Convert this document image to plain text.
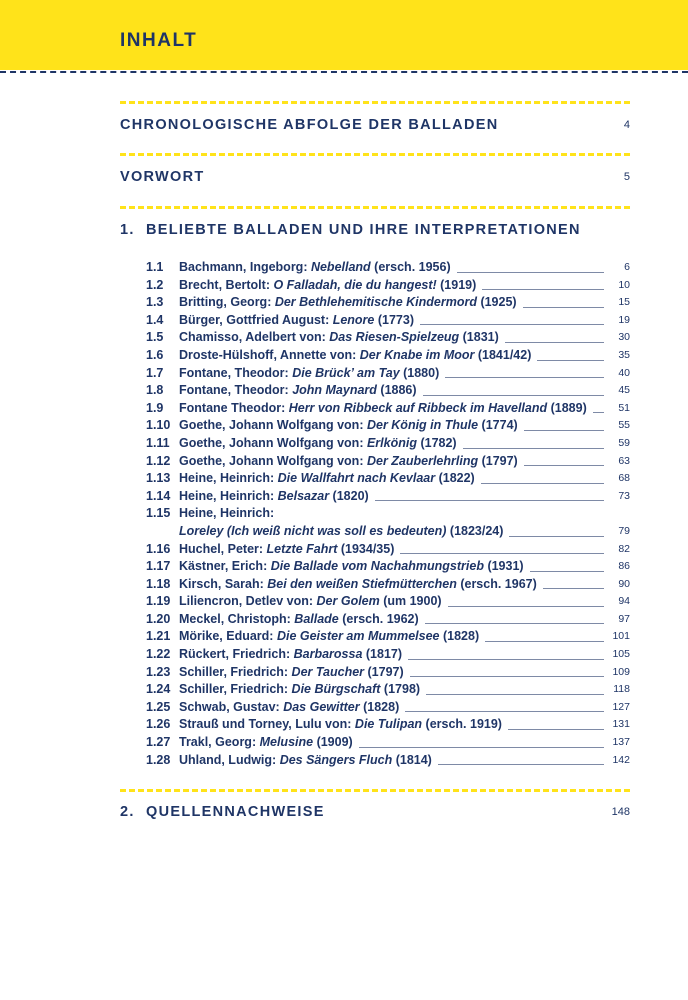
INHALT
CHRONOLOGISCHE ABFOLGE DER BALLADEN	4
VORWORT	5
1. BELIEBTE BALLADEN UND IHRE INTERPRETATIONEN
1.1	Bachmann, Ingeborg: Nebelland (ersch. 1956)	6
1.2	Brecht, Bertolt: O Falladah, die du hangest! (1919)	10
1.3	Britting, Georg: Der Bethlehemitische Kindermord (1925)	15
1.4	Bürger, Gottfried August: Lenore (1773)	19
1.5	Chamisso, Adelbert von: Das Riesen-Spielzeug (1831)	30
1.6	Droste-Hülshoff, Annette von: Der Knabe im Moor (1841/42)	35
1.7	Fontane, Theodor: Die Brück’ am Tay (1880)	40
1.8	Fontane, Theodor: John Maynard (1886)	45
1.9	Fontane Theodor: Herr von Ribbeck auf Ribbeck im Havelland (1889)	51
1.10 Goethe, Johann Wolfgang von: Der König in Thule (1774)	55
1.11 Goethe, Johann Wolfgang von: Erlkönig (1782)	59
1.12 Goethe, Johann Wolfgang von: Der Zauberlehrling (1797)	63
1.13 Heine, Heinrich: Die Wallfahrt nach Kevlaar (1822)	68
1.14 Heine, Heinrich: Belsazar (1820)	73
1.15 Heine, Heinrich:
Loreley (Ich weiß nicht was soll es bedeuten) (1823/24)	79
1.16 Huchel, Peter: Letzte Fahrt (1934/35)	82
1.17 Kästner, Erich: Die Ballade vom Nachahmungstrieb (1931)	86
1.18 Kirsch, Sarah: Bei den weißen Stiefmütterchen (ersch. 1967)	90
1.19 Liliencron, Detlev von: Der Golem (um 1900)	94
1.20 Meckel, Christoph: Ballade (ersch. 1962)	97
1.21 Mörike, Eduard: Die Geister am Mummelsee (1828)	101
1.22 Rückert, Friedrich: Barbarossa (1817)	105
1.23 Schiller, Friedrich: Der Taucher (1797)	109
1.24 Schiller, Friedrich: Die Bürgschaft (1798)	118
1.25 Schwab, Gustav: Das Gewitter (1828)	127
1.26 Strauß und Torney, Lulu von: Die Tulipan (ersch. 1919)	131
1.27 Trakl, Georg: Melusine (1909)	137
1.28 Uhland, Ludwig: Des Sängers Fluch (1814)	142
2. QUELLENNACHWEISE	148
